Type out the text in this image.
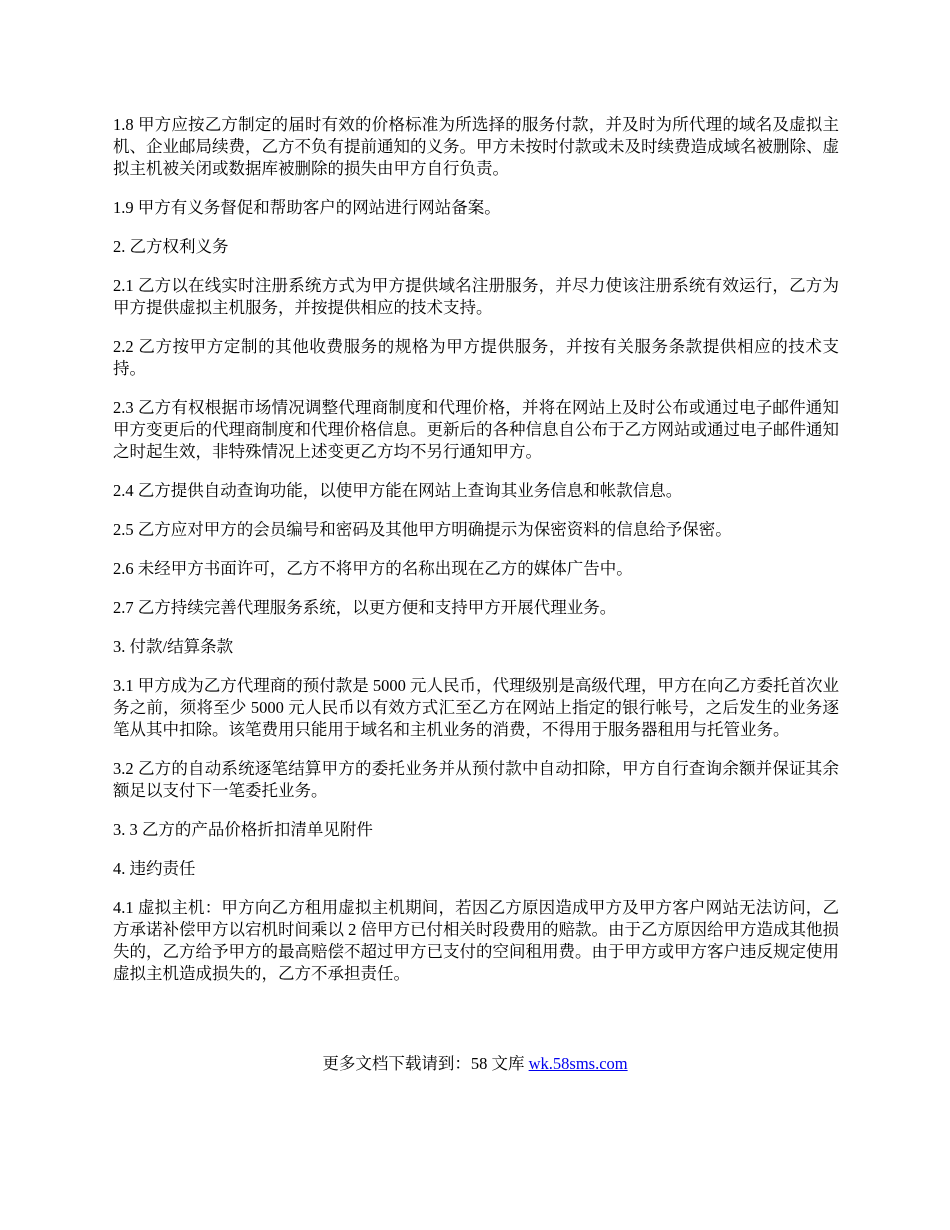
1.8 甲方应按乙方制定的届时有效的价格标准为所选择的服务付款，并及时为所代理的域名及虚拟主机、企业邮局续费，乙方不负有提前通知的义务。甲方未按时付款或未及时续费造成域名被删除、虚拟主机被关闭或数据库被删除的损失由甲方自行负责。

1.9 甲方有义务督促和帮助客户的网站进行网站备案。

2. 乙方权利义务

2.1 乙方以在线实时注册系统方式为甲方提供域名注册服务，并尽力使该注册系统有效运行，乙方为甲方提供虚拟主机服务，并按提供相应的技术支持。

2.2 乙方按甲方定制的其他收费服务的规格为甲方提供服务，并按有关服务条款提供相应的技术支持。

2.3 乙方有权根据市场情况调整代理商制度和代理价格，并将在网站上及时公布或通过电子邮件通知甲方变更后的代理商制度和代理价格信息。更新后的各种信息自公布于乙方网站或通过电子邮件通知之时起生效，非特殊情况上述变更乙方均不另行通知甲方。

2.4 乙方提供自动查询功能，以使甲方能在网站上查询其业务信息和帐款信息。

2.5 乙方应对甲方的会员编号和密码及其他甲方明确提示为保密资料的信息给予保密。

2.6 未经甲方书面许可，乙方不将甲方的名称出现在乙方的媒体广告中。

2.7 乙方持续完善代理服务系统，以更方便和支持甲方开展代理业务。

3. 付款/结算条款

3.1 甲方成为乙方代理商的预付款是 5000 元人民币，代理级别是高级代理，甲方在向乙方委托首次业务之前，须将至少 5000 元人民币以有效方式汇至乙方在网站上指定的银行帐号，之后发生的业务逐笔从其中扣除。该笔费用只能用于域名和主机业务的消费，不得用于服务器租用与托管业务。

3.2 乙方的自动系统逐笔结算甲方的委托业务并从预付款中自动扣除，甲方自行查询余额并保证其余额足以支付下一笔委托业务。

3. 3 乙方的产品价格折扣清单见附件

4. 违约责任

4.1 虚拟主机：甲方向乙方租用虚拟主机期间，若因乙方原因造成甲方及甲方客户网站无法访问，乙方承诺补偿甲方以宕机时间乘以 2 倍甲方已付相关时段费用的赔款。由于乙方原因给甲方造成其他损失的，乙方给予甲方的最高赔偿不超过甲方已支付的空间租用费。由于甲方或甲方客户违反规定使用虚拟主机造成损失的，乙方不承担责任。

更多文档下载请到：58 文库 wk.58sms.com
